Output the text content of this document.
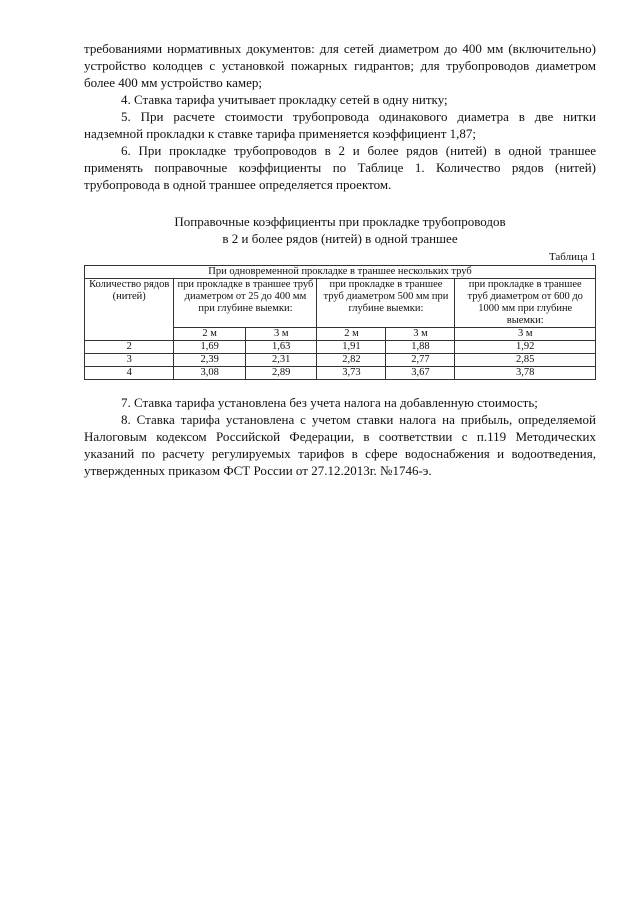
требованиями нормативных документов: для сетей диаметром до 400 мм (включительно) устройство колодцев с установкой пожарных гидрантов; для трубопроводов диаметром более 400 мм устройство камер;

4. Ставка тарифа учитывает прокладку сетей в одну нитку;

5. При расчете стоимости трубопровода одинакового диаметра в две нитки надземной прокладки к ставке тарифа применяется коэффициент 1,87;

6. При прокладке трубопроводов в 2 и более рядов (нитей) в одной траншее применять поправочные коэффициенты по Таблице 1. Количество рядов (нитей) трубопровода в одной траншее определяется проектом.

Поправочные коэффициенты при прокладке трубопроводов
в 2 и более рядов (нитей) в одной траншее
Таблица 1
При одновременной прокладке в траншее нескольких труб					
Количество рядов (нитей)	при прокладке в траншее труб диаметром от 25 до 400 мм при глубине выемки:		при прокладке в траншее труб диаметром 500 мм при глубине выемки:		при прокладке в траншее труб диаметром от 600 до 1000 мм при глубине выемки:
	2 м	3 м	2 м	3 м	3 м
2	1,69	1,63	1,91	1,88	1,92
3	2,39	2,31	2,82	2,77	2,85
4	3,08	2,89	3,73	3,67	3,78

7. Ставка тарифа установлена без учета налога на добавленную стоимость;

8. Ставка тарифа установлена с учетом ставки налога на прибыль, определяемой Налоговым кодексом Российской Федерации, в соответствии с п.119 Методических указаний по расчету регулируемых тарифов в сфере водоснабжения и водоотведения, утвержденных приказом ФСТ России от 27.12.2013г. №1746-э.
